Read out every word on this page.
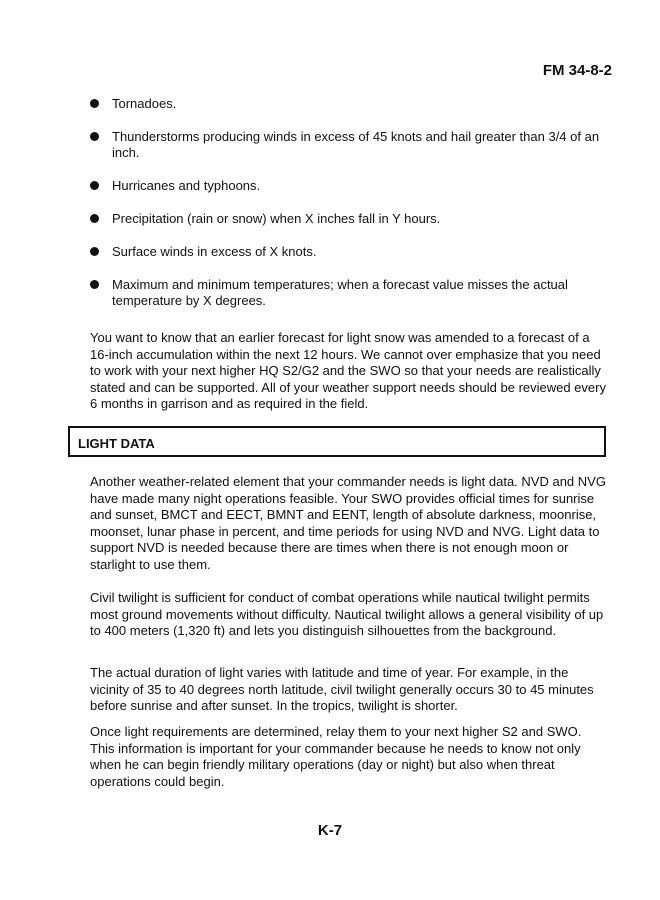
FM 34-8-2
Tornadoes.
Thunderstorms producing winds in excess of 45 knots and hail greater than 3/4 of an inch.
Hurricanes and typhoons.
Precipitation (rain or snow) when X inches fall in Y hours.
Surface winds in excess of X knots.
Maximum and minimum temperatures; when a forecast value misses the actual temperature by X degrees.

You want to know that an earlier forecast for light snow was amended to a forecast of a 16-inch accumulation within the next 12 hours. We cannot over emphasize that you need to work with your next higher HQ S2/G2 and the SWO so that your needs are realistically stated and can be supported. All of your weather support needs should be reviewed every 6 months in garrison and as required in the field.

LIGHT DATA

Another weather-related element that your commander needs is light data. NVD and NVG have made many night operations feasible. Your SWO provides official times for sunrise and sunset, BMCT and EECT, BMNT and EENT, length of absolute darkness, moonrise, moonset, lunar phase in percent, and time periods for using NVD and NVG. Light data to support NVD is needed because there are times when there is not enough moon or starlight to use them.

Civil twilight is sufficient for conduct of combat operations while nautical twilight permits most ground movements without difficulty. Nautical twilight allows a general visibility of up to 400 meters (1,320 ft) and lets you distinguish silhouettes from the background.

The actual duration of light varies with latitude and time of year. For example, in the vicinity of 35 to 40 degrees north latitude, civil twilight generally occurs 30 to 45 minutes before sunrise and after sunset. In the tropics, twilight is shorter.

Once light requirements are determined, relay them to your next higher S2 and SWO. This information is important for your commander because he needs to know not only when he can begin friendly military operations (day or night) but also when threat operations could begin.

K-7
